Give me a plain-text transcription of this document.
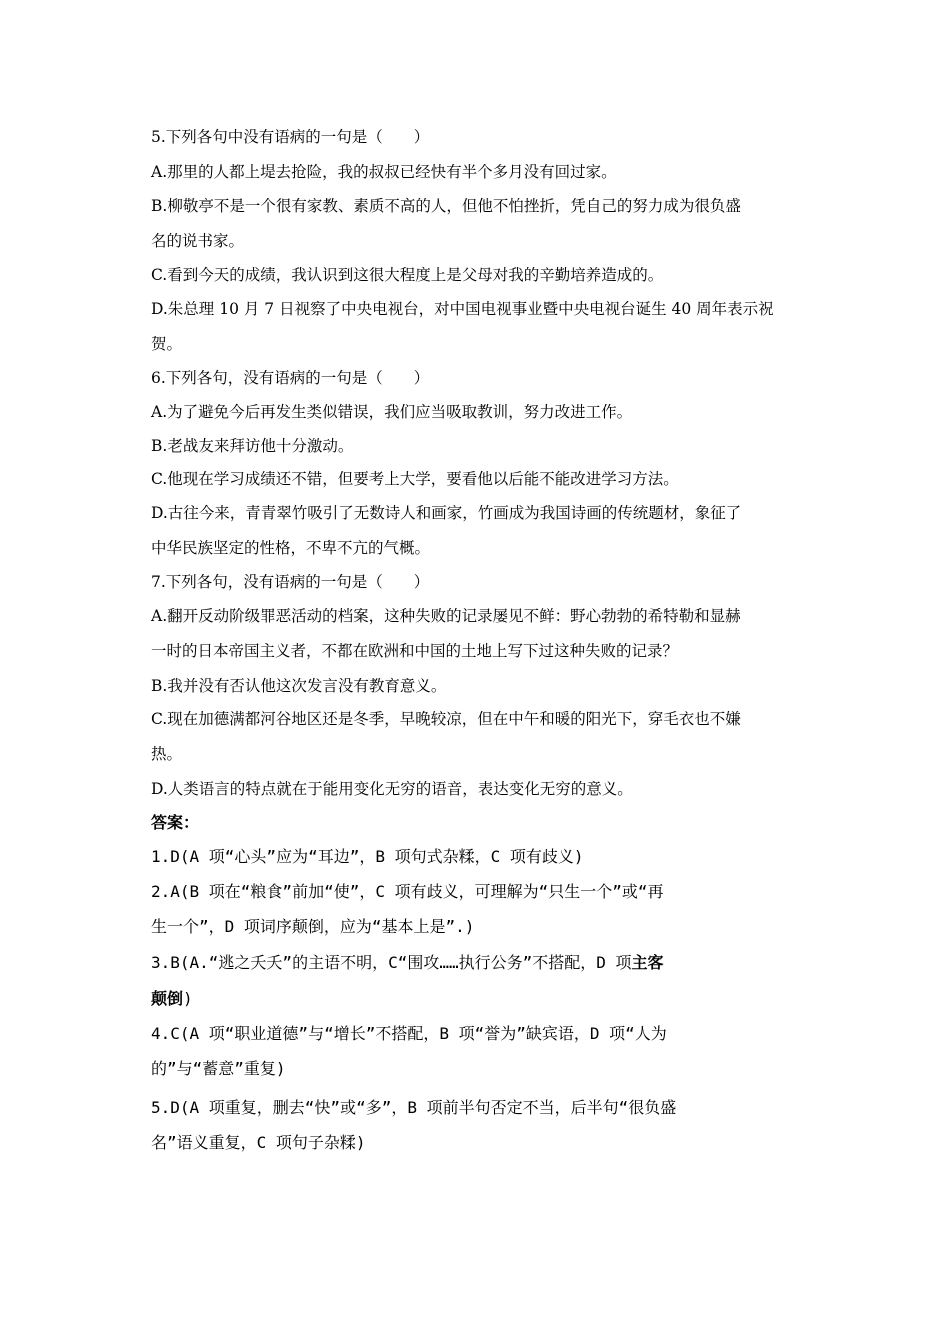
5.下列各句中没有语病的一句是（　　）
A.那里的人都上堤去抢险，我的叔叔已经快有半个多月没有回过家。
B.柳敬亭不是一个很有家教、素质不高的人，但他不怕挫折，凭自己的努力成为很负盛
名的说书家。
C.看到今天的成绩，我认识到这很大程度上是父母对我的辛勤培养造成的。
D.朱总理 10 月 7 日视察了中央电视台，对中国电视事业暨中央电视台诞生 40 周年表示祝
贺。
6.下列各句，没有语病的一句是（　　）
A.为了避免今后再发生类似错误，我们应当吸取教训，努力改进工作。
B.老战友来拜访他十分激动。
C.他现在学习成绩还不错，但要考上大学，要看他以后能不能改进学习方法。
D.古往今来，青青翠竹吸引了无数诗人和画家，竹画成为我国诗画的传统题材，象征了
中华民族坚定的性格，不卑不亢的气概。
7.下列各句，没有语病的一句是（　　）
A.翻开反动阶级罪恶活动的档案，这种失败的记录屡见不鲜：野心勃勃的希特勒和显赫
一时的日本帝国主义者，不都在欧洲和中国的土地上写下过这种失败的记录？
B.我并没有否认他这次发言没有教育意义。
C.现在加德满都河谷地区还是冬季，早晚较凉，但在中午和暖的阳光下，穿毛衣也不嫌
热。
D.人类语言的特点就在于能用变化无穷的语音，表达变化无穷的意义。
答案：
1.D(A 项“心头”应为“耳边”，B 项句式杂糅，C 项有歧义)
2.A(B 项在“粮食”前加“使”，C 项有歧义，可理解为“只生一个”或“再
生一个”，D 项词序颠倒，应为“基本上是”.)
3.B(A.“逃之夭夭”的主语不明，C“围攻……执行公务”不搭配，D 项主客
颠倒)
4.C(A 项“职业道德”与“增长”不搭配，B 项“誉为”缺宾语，D 项“人为
的”与“蓄意”重复)
5.D(A 项重复，删去“快”或“多”，B 项前半句否定不当，后半句“很负盛
名”语义重复，C 项句子杂糅)
